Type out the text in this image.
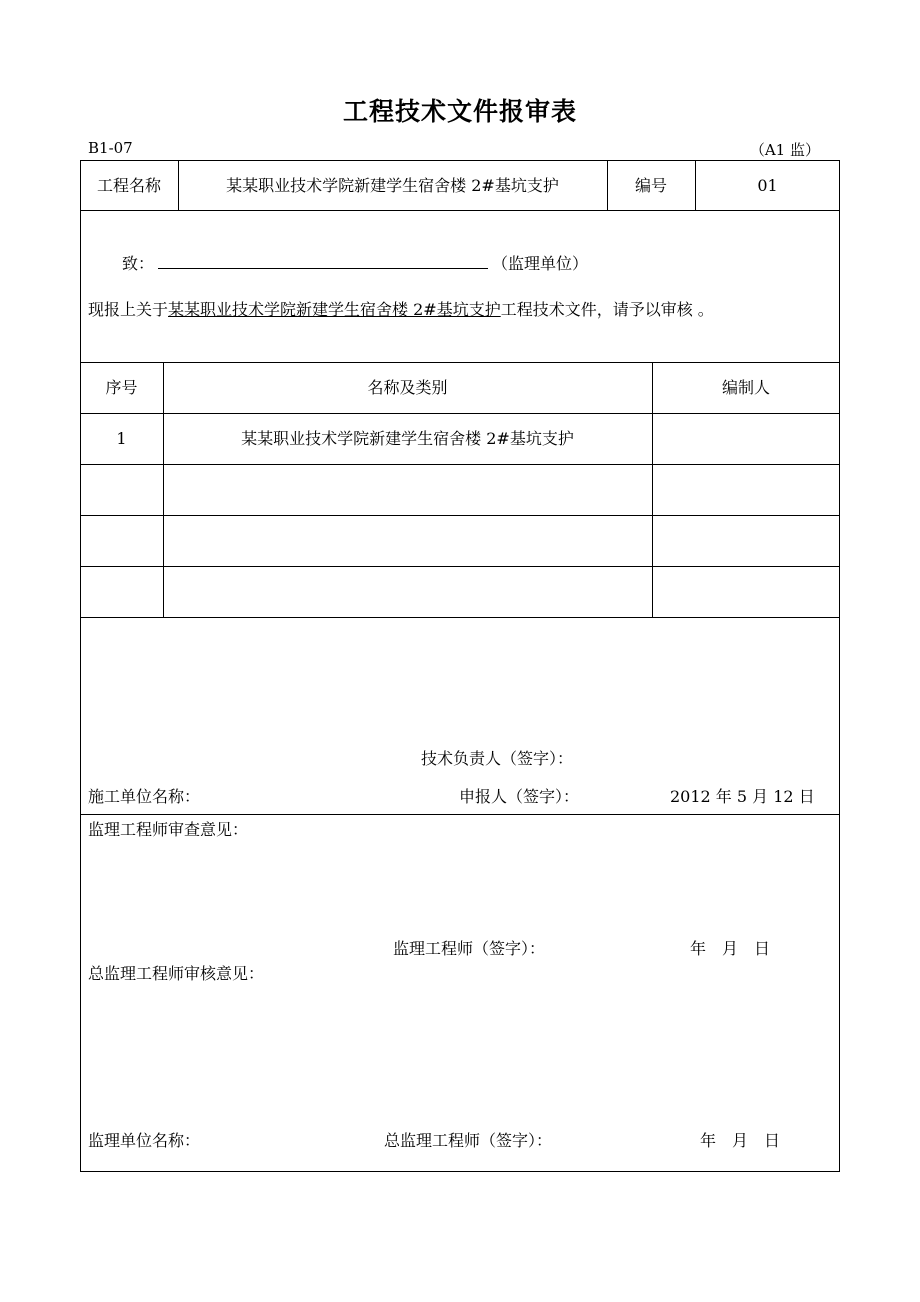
工程技术文件报审表
B1-07	（A1 监）
工程名称	某某职业技术学院新建学生宿舍楼 2#基坑支护	编号	01
致：	（监理单位）
现报上关于某某职业技术学院新建学生宿舍楼 2#基坑支护工程技术文件，请予以审核 。
序号	名称及类别	编制人
1	某某职业技术学院新建学生宿舍楼 2#基坑支护
技术负责人（签字）：
施工单位名称：	申报人（签字）：	2012 年 5 月 12 日
监理工程师审查意见：
监理工程师（签字）：	年　月　日
总监理工程师审核意见：
监理单位名称：	总监理工程师（签字）：	年　月　日
